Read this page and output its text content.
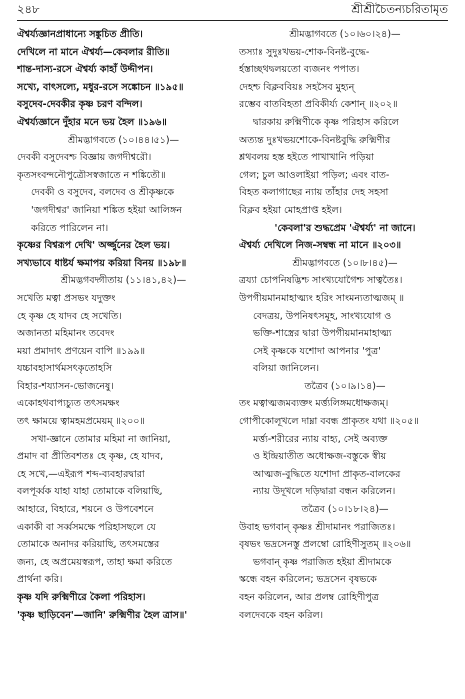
২৪৮	শ্রীশ্রীচৈতন্যচরিতামৃত
ঐশ্বর্য্যজ্ঞানপ্রাধান্যে সঙ্কুচিত প্রীতি।
দেখিলে না মানে ঐশ্বর্য্য—কেবলার রীতি॥
শান্ত-দাস্য-রসে ঐশ্বর্য্য কাহাঁ উদ্দীপন।
সখ্যে, বাৎসল্যে, মধুর-রসে সঙ্কোচন ॥১৯৫॥
বসুদেব-দেবকীর কৃষ্ণ চরণ বন্দিল।
ঐশ্বর্য্যজ্ঞানে দুঁহার মনে ভয় হৈল ॥১৯৬॥
শ্রীমদ্ভাগবতে (১০।৪৪।৫১)—
দেবকী বসুদেবশ্চ বিজ্ঞায় জগদীশ্বরৌ।
কৃতসংবন্দনৌপুত্রৌসস্বজাতে ন শঙ্কিতৌ॥
দেবকী ও বসুদেব, বলদেব ও শ্রীকৃষ্ণকে
'জগদীশ্বর' জানিয়া শঙ্কিত হইয়া আলিঙ্গন
করিতে পারিলেন না।
কৃষ্ণের বিশ্বরূপ দেখি' অর্জ্জুনের হৈল ভয়।
সখ্যভাবে ধাষ্টর্য ক্ষমাপয় করিয়া বিনয় ॥১৯৮॥
শ্রীমদ্ভগবদ্গীতায় (১১।৪১,৪২)—
সখেতি মত্বা প্রসভং যদুক্তং
হে কৃষ্ণ হে যাদব হে সখেতি।
অজানতা মহিমানং তবেদং
ময়া প্রমাদাৎ প্রণয়েন বাপি ॥১৯৯॥
যচ্চাবহাসার্থমসৎকৃতোহসি
বিহার-শয্যাসন-ভোজনেষু।
একোহথবাপ্যচ্যুত তৎসমক্ষং
তৎ ক্ষাময়ে ত্বামহমপ্রমেয়ম্ ॥২০০॥
সখা-জ্ঞানে তোমার মহিমা না জানিয়া,
প্রমাদ বা প্রীতিবশতঃ হে কৃষ্ণ, হে যাদব,
হে সখে,—এইরূপ শব্দ-ব্যবহারদ্বারা
বলপূর্ব্বক যাহা যাহা তোমাকে বলিয়াছি,
আহারে, বিহারে, শয়নে ও উপবেশনে
একাকী বা সর্ব্বসমক্ষে পরিহাসছলে যে
তোমাকে অনাদর করিয়াছি, তৎসমস্তের
জন্য, হে অপ্রমেয়স্বরূপ, তাহা ক্ষমা করিতে
প্রার্থনা করি।
কৃষ্ণ যদি রুক্মিণীরে কৈলা পরিহাস।
'কৃষ্ণ ছাড়িবেন'—জানি' রুক্মিণীর হৈল ত্রাস॥'
শ্রীমদ্ভাগবতে (১০।৬০।২৪)—
তস্যাঃ সুদুঃখভয়-শোক-বিনষ্ট-বুদ্ধে-
র্হস্তাচ্ছথদ্বলয়তো ব্যজনং পপাত।
দেহশ্চ বিক্লববিয়ঃ সহসৈব মুহ্যন্
রম্ভেব বাতবিহতা প্রবিকীর্য্য কেশান্ ॥২০২॥
দ্বারকায় রুক্মিণীকে কৃষ্ণ পরিহাস করিলে
অত্যন্ত দুঃখভয়শোকে-বিনষ্টবুদ্ধি রুক্মিণীর
শ্লথবলয় হস্ত হইতে পাখাখানি পড়িয়া
গেল; চুল আওলাইয়া পড়িল; এবং বাত-
বিহত কলাগাছের ন্যায় তাঁহার দেহ সহসা
বিক্লব হইয়া মোহপ্রাপ্ত হইল।
'কেবলা'র শুদ্ধপ্রেম 'ঐশ্বর্য্য' না জানে।
ঐশ্বর্য্য দেখিলে নিজ-সম্বন্ধ না মানে ॥২০৩॥
শ্রীমদ্ভাগবতে (১০।৮।৪৫)—
ত্রয্যা চোপনিষদ্ভিশ্চ সাংখ্যযোগৈশ্চ সাত্বতৈঃ।
উপগীয়মানমাহাত্ম্যং হরিং সাংমন্যতাত্মজম্ ॥
বেদত্রয়, উপনিষৎসমূহ, সাংখ্যযোগ ও
ভক্তি-শাস্ত্রের দ্বারা উপগীয়মানমাহাত্ম্য
সেই কৃষ্ণকে যশোদা আপনার 'পুত্র'
বলিয়া জানিলেন।
তত্রৈব (১০।৯।১৪)—
তং মত্বাত্মজমব্যক্তং মর্ত্ত্যলিঙ্গমধোক্ষজম্।
গোপীকোলূখলে দাম্না ববন্ধ প্রাকৃতং যথা ॥২০৫॥
মর্ত্ত্য-শরীরের ন্যায় বাহ্য, সেই অব্যক্ত
ও ইন্দ্রিয়াতীত অধোক্ষজ-বস্তুকে স্বীয়
আত্মজ-বুদ্ধিতে যশোদা প্রাকৃত-বালকের
ন্যায় উদূখলে দড়িদ্বারা বন্ধন করিলেন।
তত্রৈব (১০।১৮।২৪)—
উবাহ ভগবান্ কৃষ্ণঃ শ্রীদামানং পরাজিতঃ।
বৃষভং ভদ্রসেনস্তু প্রলম্বো রোহিণীসুতম্ ॥২০৬॥
ভগবান্ কৃষ্ণ পরাজিত হইয়া শ্রীদামকে
স্কন্ধে বহন করিলেন; ভদ্রসেন বৃষভকে
বহন করিলেন, আর প্রলম্ব রোহিণীপুত্র
বলদেবকে বহন করিল।
